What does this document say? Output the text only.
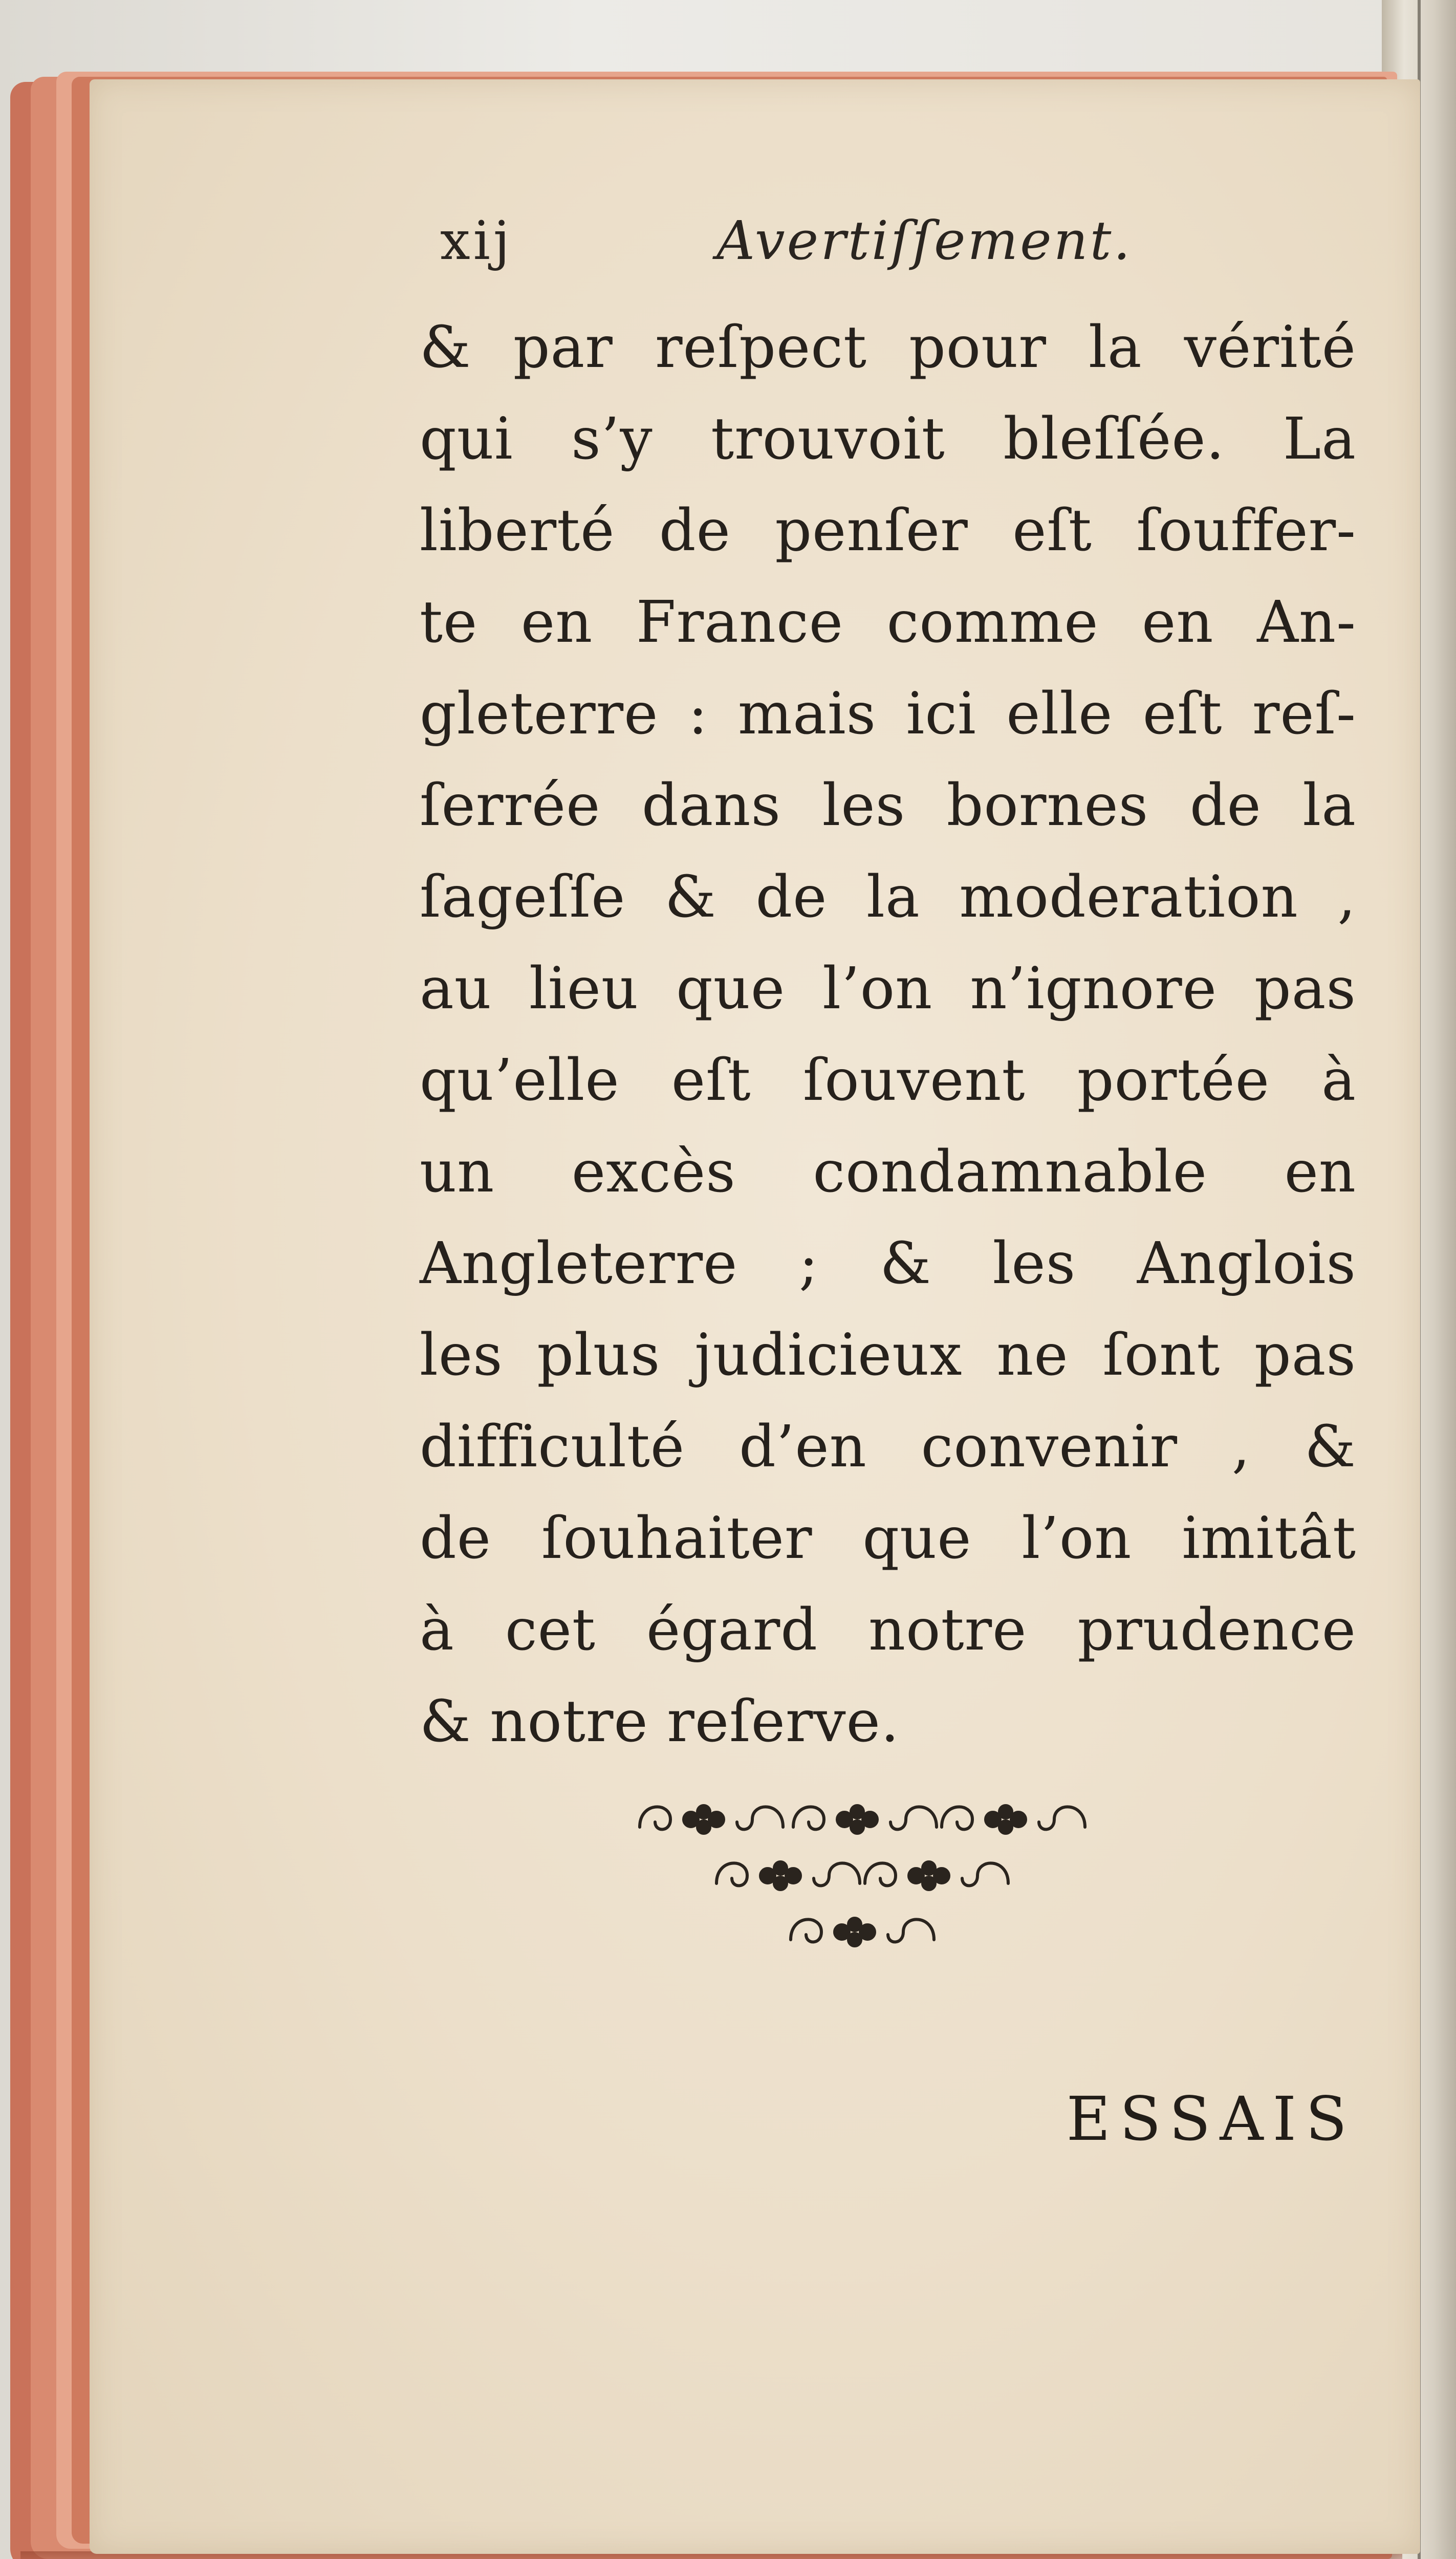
xij	Avertiſſement.
& par reſpect pour la vérité
qui s’y trouvoit bleſſée. La
liberté de penſer eſt ſouffer-
te en France comme en An-
gleterre : mais ici elle eſt reſ-
ſerrée dans les bornes de la
ſageſſe & de la moderation ,
au lieu que l’on n’ignore pas
qu’elle eſt ſouvent portée à
un excès condamnable en
Angleterre ; & les Anglois
les plus judicieux ne ſont pas
difficulté d’en convenir , &
de ſouhaiter que l’on imitât
à cet égard notre prudence
& notre reſerve.
ESSAIS
